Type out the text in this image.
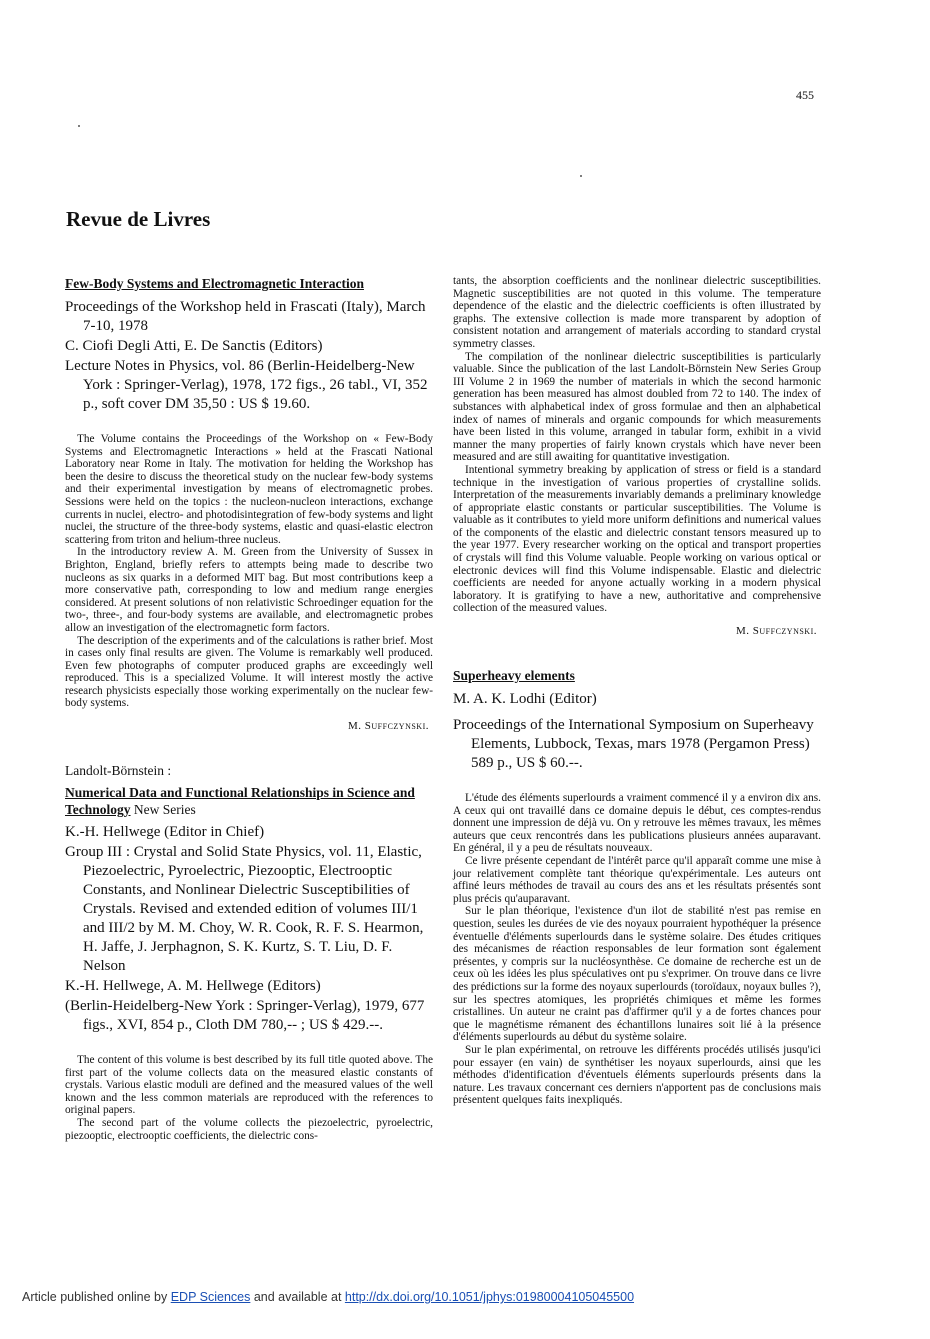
455
Revue de Livres
Few-Body Systems and Electromagnetic Interaction

Proceedings of the Workshop held in Frascati (Italy), March 7-10, 1978

C. Ciofi Degli Atti, E. De Sanctis (Editors)

Lecture Notes in Physics, vol. 86 (Berlin-Heidelberg-New York : Springer-Verlag), 1978, 172 figs., 26 tabl., VI, 352 p., soft cover DM 35,50 : US $ 19.60.

The Volume contains the Proceedings of the Workshop on « Few-Body Systems and Electromagnetic Interactions » held at the Frascati National Laboratory near Rome in Italy. The motivation for helding the Workshop has been the desire to discuss the theoretical study on the nuclear few-body systems and their experimental investigation by means of electromagnetic probes. Sessions were held on the topics : the nucleon-nucleon interactions, exchange currents in nuclei, electro- and photodisintegration of few-body systems and light nuclei, the structure of the three-body systems, elastic and quasi-elastic electron scattering from triton and helium-three nucleus.

In the introductory review A. M. Green from the University of Sussex in Brighton, England, briefly refers to attempts being made to describe two nucleons as six quarks in a deformed MIT bag. But most contributions keep a more conservative path, corresponding to low and medium range energies considered. At present solutions of non relativistic Schroedinger equation for the two-, three-, and four-body systems are available, and electromagnetic probes allow an investigation of the electromagnetic form factors.

The description of the experiments and of the calculations is rather brief. Most in cases only final results are given. The Volume is remarkably well produced. Even few photographs of computer produced graphs are exceedingly well reproduced. This is a specialized Volume. It will interest mostly the active research physicists especially those working experimentally on the nuclear few-body systems.

M. Suffczynski.
Landolt-Börnstein :
Numerical Data and Functional Relationships in Science and Technology New Series

K.-H. Hellwege (Editor in Chief)

Group III : Crystal and Solid State Physics, vol. 11, Elastic, Piezoelectric, Pyroelectric, Piezooptic, Electrooptic Constants, and Nonlinear Dielectric Susceptibilities of Crystals. Revised and extended edition of volumes III/1 and III/2 by M. M. Choy, W. R. Cook, R. F. S. Hearmon, H. Jaffe, J. Jerphagnon, S. K. Kurtz, S. T. Liu, D. F. Nelson

K.-H. Hellwege, A. M. Hellwege (Editors)

(Berlin-Heidelberg-New York : Springer-Verlag), 1979, 677 figs., XVI, 854 p., Cloth DM 780,-- ; US $ 429.--.

The content of this volume is best described by its full title quoted above. The first part of the volume collects data on the measured elastic constants of crystals. Various elastic moduli are defined and the measured values of the well known and the less common materials are reproduced with the references to original papers.

The second part of the volume collects the piezoelectric, pyroelectric, piezooptic, electrooptic coefficients, the dielectric cons-

tants, the absorption coefficients and the nonlinear dielectric susceptibilities. Magnetic susceptibilities are not quoted in this volume. The temperature dependence of the elastic and the dielectric coefficients is often illustrated by graphs. The extensive collection is made more transparent by adoption of consistent notation and arrangement of materials according to standard crystal symmetry classes.

The compilation of the nonlinear dielectric susceptibilities is particularly valuable. Since the publication of the last Landolt-Börnstein New Series Group III Volume 2 in 1969 the number of materials in which the second harmonic generation has been measured has almost doubled from 72 to 140. The index of substances with alphabetical index of gross formulae and then an alphabetical index of names of minerals and organic compounds for which measurements have been listed in this volume, arranged in tabular form, exhibit in a vivid manner the many properties of fairly known crystals which have never been measured and are still awaiting for quantitative investigation.

Intentional symmetry breaking by application of stress or field is a standard technique in the investigation of various properties of crystalline solids. Interpretation of the measurements invariably demands a preliminary knowledge of appropriate elastic constants or particular susceptibilities. The Volume is valuable as it contributes to yield more uniform definitions and numerical values of the components of the elastic and dielectric constant tensors measured up to the year 1977. Every researcher working on the optical and transport properties of crystals will find this Volume valuable. People working on various optical or electronic devices will find this Volume indispensable. Elastic and dielectric coefficients are needed for anyone actually working in a modern physical laboratory. It is gratifying to have a new, authoritative and comprehensive collection of the measured values.

M. Suffczynski.
Superheavy elements

M. A. K. Lodhi (Editor)

Proceedings of the International Symposium on Superheavy Elements, Lubbock, Texas, mars 1978 (Pergamon Press) 589 p., US $ 60.--.

L'étude des éléments superlourds a vraiment commencé il y a environ dix ans. A ceux qui ont travaillé dans ce domaine depuis le début, ces comptes-rendus donnent une impression de déjà vu. On y retrouve les mêmes travaux, les mêmes auteurs que ceux rencontrés dans les publications plusieurs années auparavant. En général, il y a peu de résultats nouveaux.

Ce livre présente cependant de l'intérêt parce qu'il apparaît comme une mise à jour relativement complète tant théorique qu'expérimentale. Les auteurs ont affiné leurs méthodes de travail au cours des ans et les résultats présentés sont plus précis qu'auparavant.

Sur le plan théorique, l'existence d'un ilot de stabilité n'est pas remise en question, seules les durées de vie des noyaux pourraient hypothéquer la présence éventuelle d'éléments superlourds dans le système solaire. Des études critiques des mécanismes de réaction responsables de leur formation sont également présentes, y compris sur la nucléosynthèse. Ce domaine de recherche est un de ceux où les idées les plus spéculatives ont pu s'exprimer. On trouve dans ce livre des prédictions sur la forme des noyaux superlourds (toroïdaux, noyaux bulles ?), sur les spectres atomiques, les propriétés chimiques et même les formes cristallines. Un auteur ne craint pas d'affirmer qu'il y a de fortes chances pour que le magnétisme rémanent des échantillons lunaires soit lié à la présence d'éléments superlourds au début du système solaire.

Sur le plan expérimental, on retrouve les différents procédés utilisés jusqu'ici pour essayer (en vain) de synthétiser les noyaux superlourds, ainsi que les méthodes d'identification d'éventuels éléments superlourds présents dans la nature. Les travaux concernant ces derniers n'apportent pas de conclusions mais présentent quelques faits inexpliqués.

Article published online by EDP Sciences and available at http://dx.doi.org/10.1051/jphys:01980004105045500
